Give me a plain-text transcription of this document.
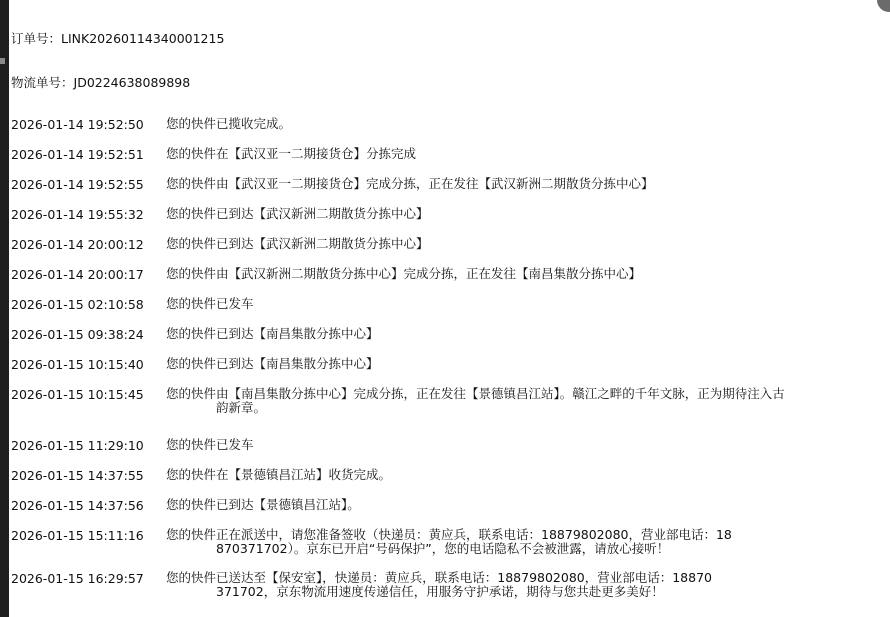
订单号：LINK20260114340001215
物流单号：JD0224638089898
2026-01-14 19:52:50	您的快件已揽收完成。
2026-01-14 19:52:51	您的快件在【武汉亚一二期接货仓】分拣完成
2026-01-14 19:52:55	您的快件由【武汉亚一二期接货仓】完成分拣，正在发往【武汉新洲二期散货分拣中心】
2026-01-14 19:55:32	您的快件已到达【武汉新洲二期散货分拣中心】
2026-01-14 20:00:12	您的快件已到达【武汉新洲二期散货分拣中心】
2026-01-14 20:00:17	您的快件由【武汉新洲二期散货分拣中心】完成分拣，正在发往【南昌集散分拣中心】
2026-01-15 02:10:58	您的快件已发车
2026-01-15 09:38:24	您的快件已到达【南昌集散分拣中心】
2026-01-15 10:15:40	您的快件已到达【南昌集散分拣中心】
2026-01-15 10:15:45	您的快件由【南昌集散分拣中心】完成分拣，正在发往【景德镇昌江站】。赣江之畔的千年文脉，正为期待注入古
韵新章。
2026-01-15 11:29:10	您的快件已发车
2026-01-15 14:37:55	您的快件在【景德镇昌江站】收货完成。
2026-01-15 14:37:56	您的快件已到达【景德镇昌江站】。
2026-01-15 15:11:16	您的快件正在派送中，请您准备签收（快递员：黄应兵，联系电话：18879802080，营业部电话：18
870371702）。京东已开启“号码保护”，您的电话隐私不会被泄露，请放心接听！
2026-01-15 16:29:57	您的快件已送达至【保安室】，快递员：黄应兵，联系电话：18879802080，营业部电话：18870
371702，京东物流用速度传递信任，用服务守护承诺，期待与您共赴更多美好！
